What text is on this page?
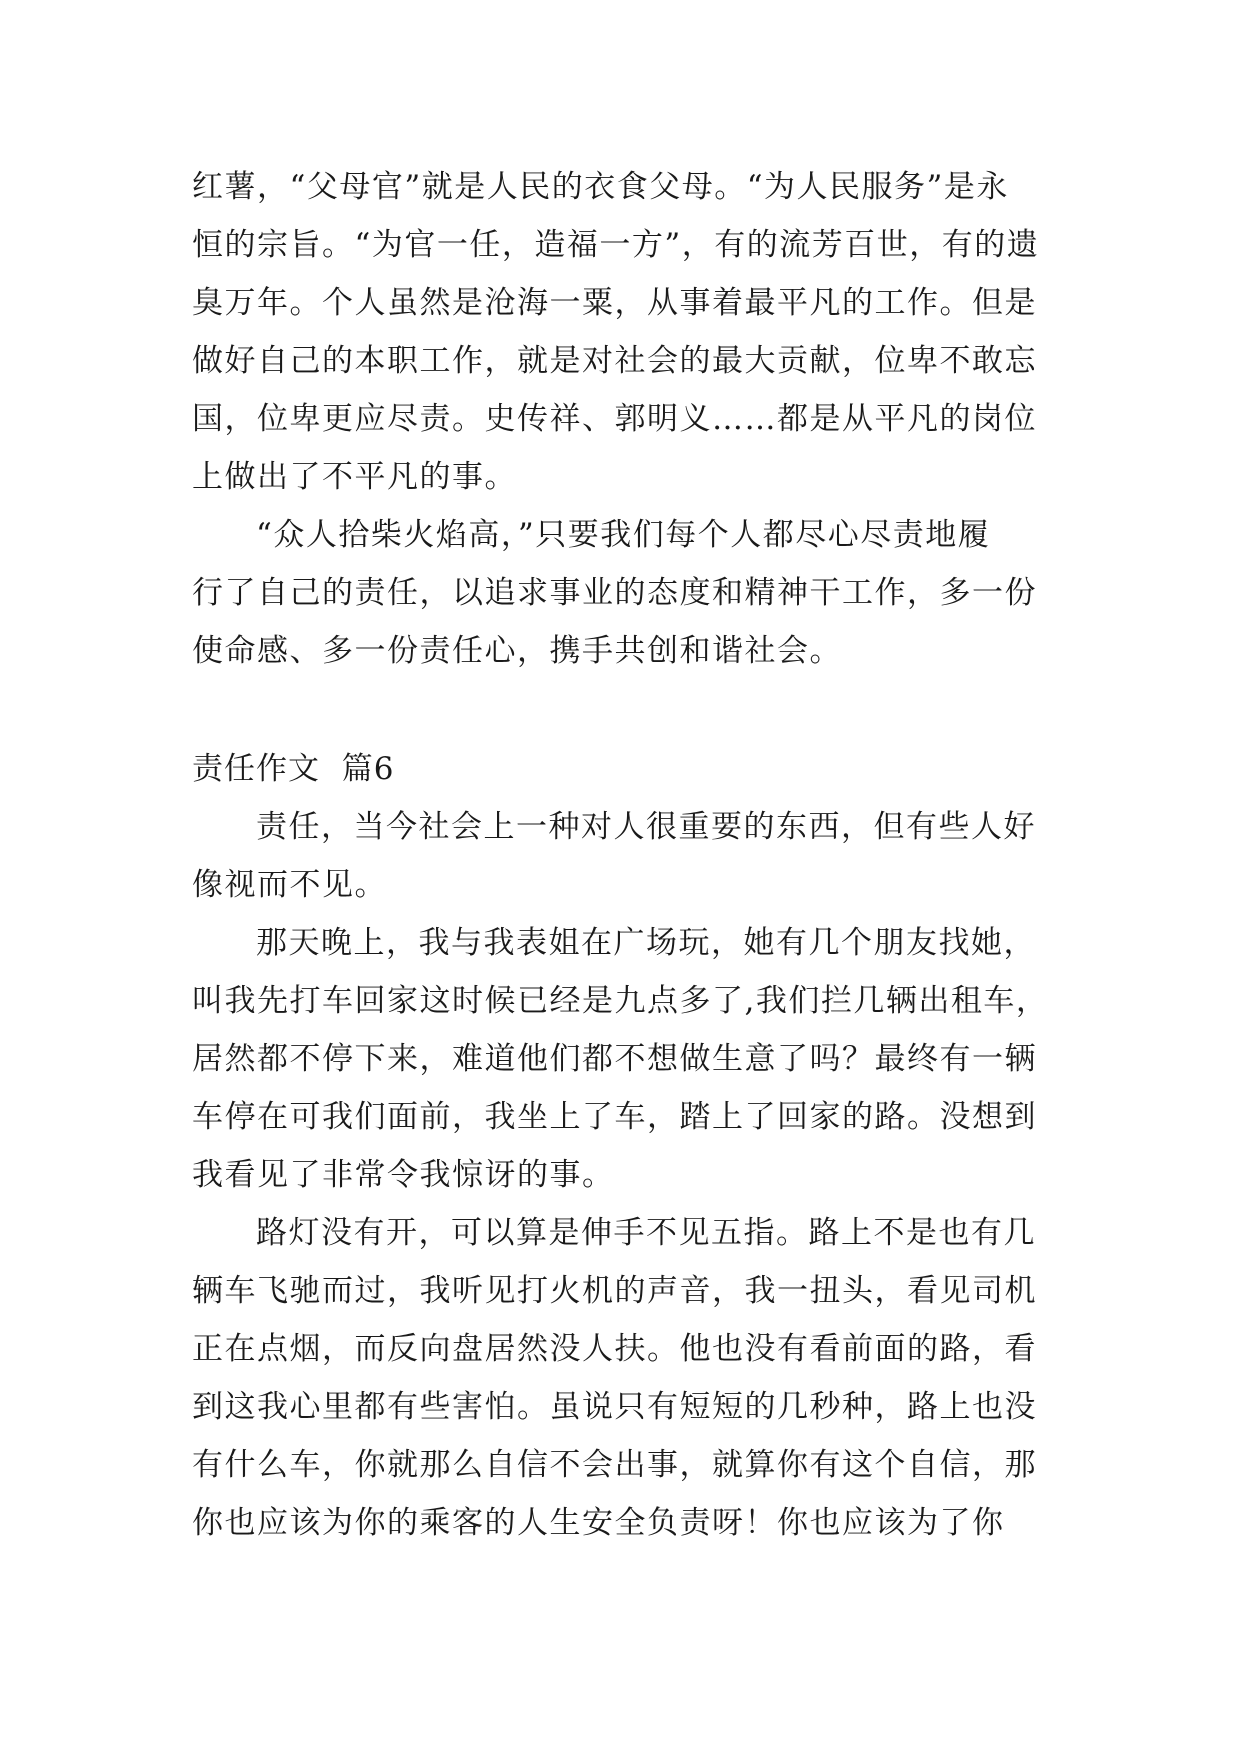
红薯，“父母官”就是人民的衣食父母。“为人民服务”是永
恒的宗旨。“为官一任，造福一方”，有的流芳百世，有的遗
臭万年。个人虽然是沧海一粟，从事着最平凡的工作。但是
做好自己的本职工作，就是对社会的最大贡献，位卑不敢忘
国，位卑更应尽责。史传祥、郭明义……都是从平凡的岗位
上做出了不平凡的事。
“众人拾柴火焰高，”只要我们每个人都尽心尽责地履
行了自己的责任，以追求事业的态度和精神干工作，多一份
使命感、多一份责任心，携手共创和谐社会。
责任作文  篇6
责任，当今社会上一种对人很重要的东西，但有些人好
像视而不见。
那天晚上，我与我表姐在广场玩，她有几个朋友找她，
叫我先打车回家这时候已经是九点多了,我们拦几辆出租车，
居然都不停下来，难道他们都不想做生意了吗？最终有一辆
车停在可我们面前，我坐上了车，踏上了回家的路。没想到
我看见了非常令我惊讶的事。
路灯没有开，可以算是伸手不见五指。路上不是也有几
辆车飞驰而过，我听见打火机的声音，我一扭头，看见司机
正在点烟，而反向盘居然没人扶。他也没有看前面的路，看
到这我心里都有些害怕。虽说只有短短的几秒种，路上也没
有什么车，你就那么自信不会出事，就算你有这个自信，那
你也应该为你的乘客的人生安全负责呀！你也应该为了你
